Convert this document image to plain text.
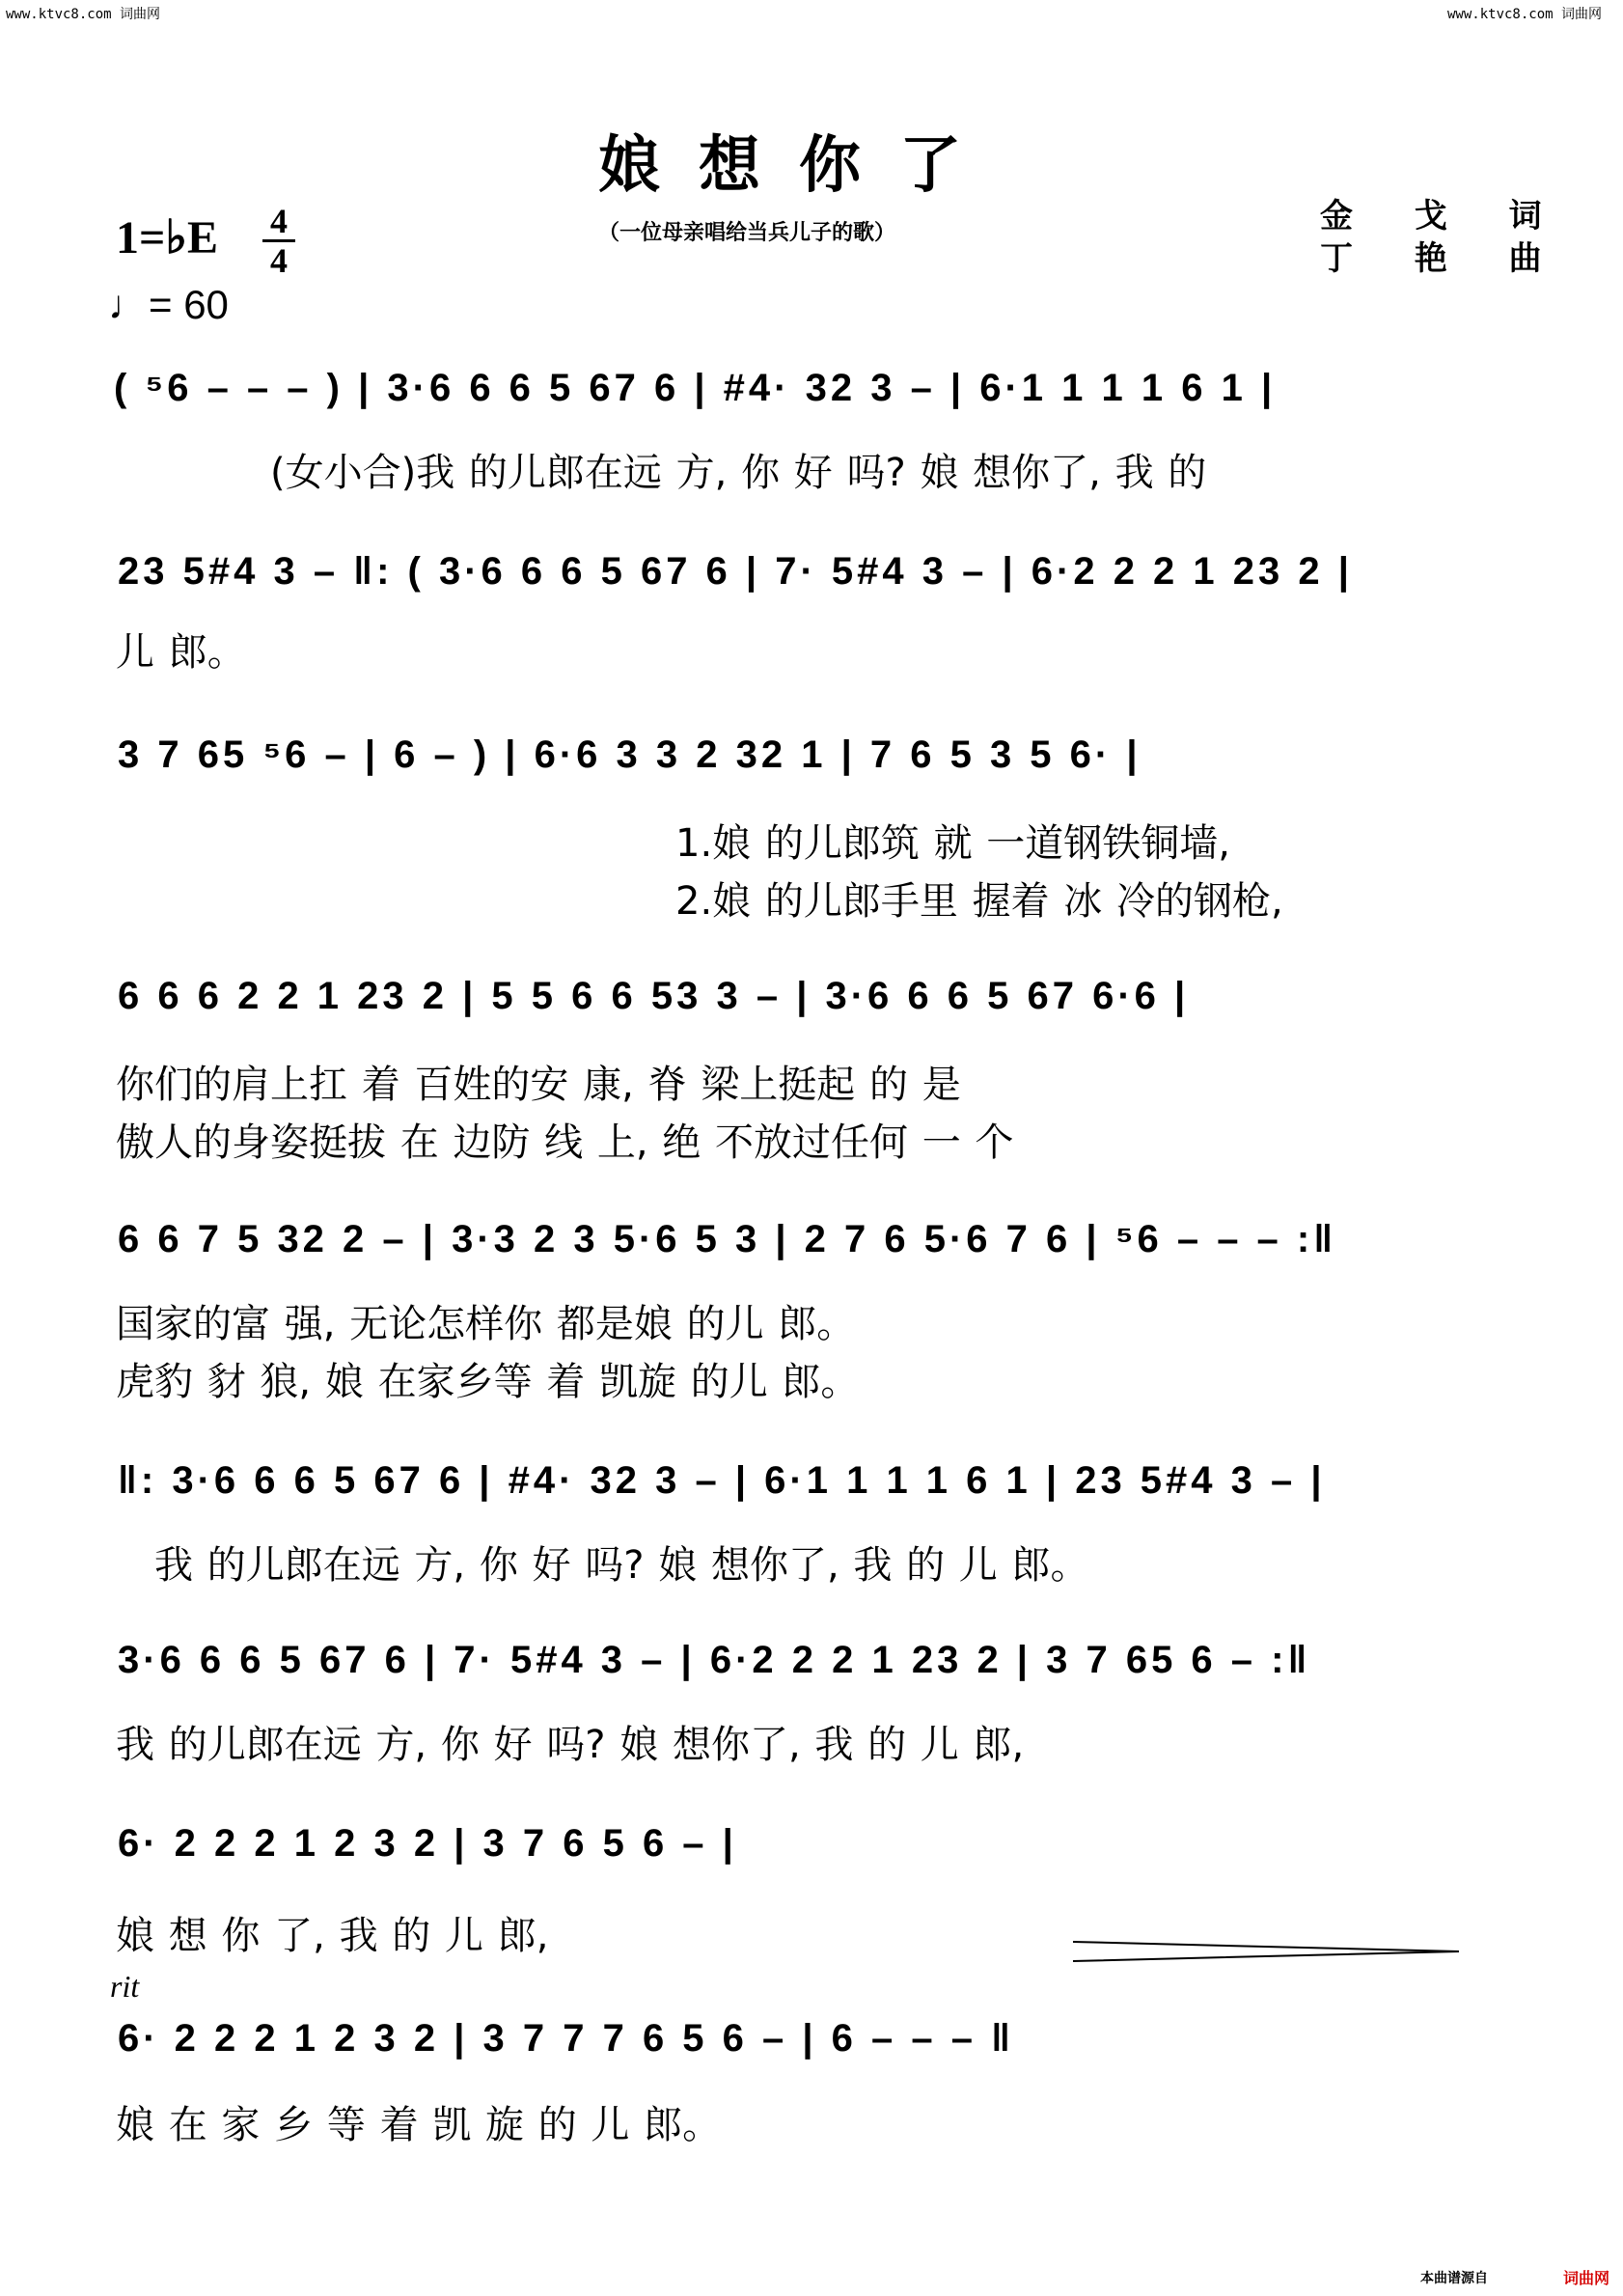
www.ktvc8.com 词曲网	www.ktvc8.com 词曲网
娘想你了
（一位母亲唱给当兵儿子的歌）	金 戈 词
丁 艳 曲
1=♭E 4
4
♩= 60
( ⁵6 – – – ) | 3·6 6 6 5 67 6 | #4· 32 3 – | 6·1 1 1 1 6 1 |
(女小合)我 的儿郎在远 方, 你 好 吗? 娘 想你了, 我 的
23 5#4 3 – ‖: ( 3·6 6 6 5 67 6 | 7· 5#4 3 – | 6·2 2 2 1 23 2 |
儿 郎。
3 7 65 ⁵6 – | 6 – ) | 6·6 3 3 2 32 1 | 7 6 5 3 5 6· |
1.娘 的儿郎筑 就 一道钢铁铜墙,
2.娘 的儿郎手里 握着 冰 冷的钢枪,
6 6 6 2 2 1 23 2 | 5 5 6 6 53 3 – | 3·6 6 6 5 67 6·6 |
你们的肩上扛 着 百姓的安 康, 脊 梁上挺起 的 是
傲人的身姿挺拔 在 边防 线 上, 绝 不放过任何 一 个
6 6 7 5 32 2 – | 3·3 2 3 5·6 5 3 | 2 7 6 5·6 7 6 | ⁵6 – – – :‖
国家的富 强, 无论怎样你 都是娘 的儿 郎。
虎豹 豺 狼, 娘 在家乡等 着 凯旋 的儿 郎。
‖: 3·6 6 6 5 67 6 | #4· 32 3 – | 6·1 1 1 1 6 1 | 23 5#4 3 – |
我 的儿郎在远 方, 你 好 吗? 娘 想你了, 我 的 儿 郎。
3·6 6 6 5 67 6 | 7· 5#4 3 – | 6·2 2 2 1 23 2 | 3 7 65 6 – :‖
我 的儿郎在远 方, 你 好 吗? 娘 想你了, 我 的 儿 郎,
6· 2 2 2 1 2 3 2 | 3 7 6 5 6 – |
娘 想 你 了, 我 的 儿 郎,
rit
6· 2 2 2 1 2 3 2 | 3 7 7 7 6 5 6 – | 6 – – – ‖
娘 在 家 乡 等 着 凯 旋 的 儿 郎。
本曲谱源自	词曲网
